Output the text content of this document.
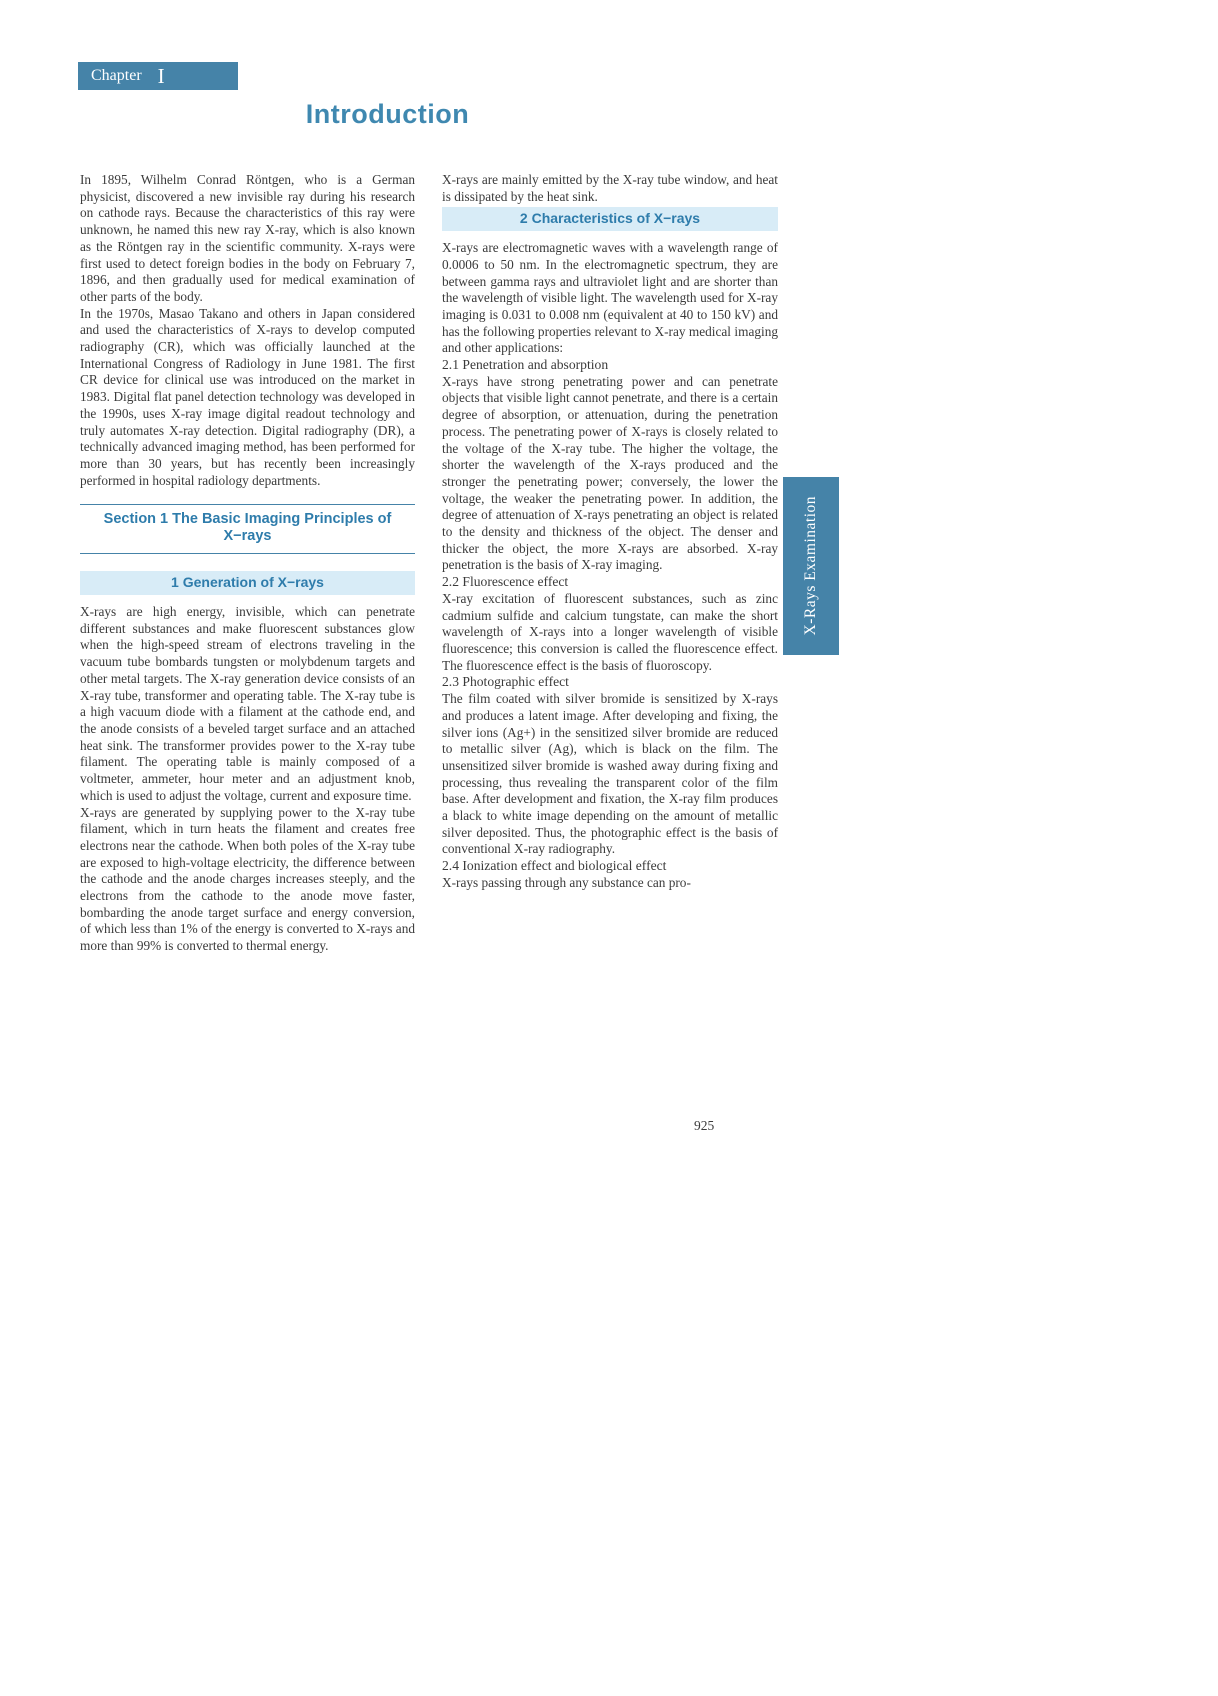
Chapter I
Introduction

In 1895, Wilhelm Conrad Röntgen, who is a German physicist, discovered a new invisible ray during his research on cathode rays. Because the characteristics of this ray were unknown, he named this new ray X-ray, which is also known as the Röntgen ray in the scientific community. X-rays were first used to detect foreign bodies in the body on February 7, 1896, and then gradually used for medical examination of other parts of the body.

In the 1970s, Masao Takano and others in Japan considered and used the characteristics of X-rays to develop computed radiography (CR), which was officially launched at the International Congress of Radiology in June 1981. The first CR device for clinical use was introduced on the market in 1983. Digital flat panel detection technology was developed in the 1990s, uses X-ray image digital readout technology and truly automates X-ray detection. Digital radiography (DR), a technically advanced imaging method, has been performed for more than 30 years, but has recently been increasingly performed in hospital radiology departments.

Section 1 The Basic Imaging Principles of X−rays
1 Generation of X−rays

X-rays are high energy, invisible, which can penetrate different substances and make fluorescent substances glow when the high-speed stream of electrons traveling in the vacuum tube bombards tungsten or molybdenum targets and other metal targets. The X-ray generation device consists of an X-ray tube, transformer and operating table. The X-ray tube is a high vacuum diode with a filament at the cathode end, and the anode consists of a beveled target surface and an attached heat sink. The transformer provides power to the X-ray tube filament. The operating table is mainly composed of a voltmeter, ammeter, hour meter and an adjustment knob, which is used to adjust the voltage, current and exposure time.

X-rays are generated by supplying power to the X-ray tube filament, which in turn heats the filament and creates free electrons near the cathode. When both poles of the X-ray tube are exposed to high-voltage electricity, the difference between the cathode and the anode charges increases steeply, and the electrons from the cathode to the anode move faster, bombarding the anode target surface and energy conversion, of which less than 1% of the energy is converted to X-rays and more than 99% is converted to thermal energy.

X-rays are mainly emitted by the X-ray tube window, and heat is dissipated by the heat sink.

2 Characteristics of X−rays

X-rays are electromagnetic waves with a wavelength range of 0.0006 to 50 nm. In the electromagnetic spectrum, they are between gamma rays and ultraviolet light and are shorter than the wavelength of visible light. The wavelength used for X-ray imaging is 0.031 to 0.008 nm (equivalent at 40 to 150 kV) and has the following properties relevant to X-ray medical imaging and other applications:

2.1 Penetration and absorption

X-rays have strong penetrating power and can penetrate objects that visible light cannot penetrate, and there is a certain degree of absorption, or attenuation, during the penetration process. The penetrating power of X-rays is closely related to the voltage of the X-ray tube. The higher the voltage, the shorter the wavelength of the X-rays produced and the stronger the penetrating power; conversely, the lower the voltage, the weaker the penetrating power. In addition, the degree of attenuation of X-rays penetrating an object is related to the density and thickness of the object. The denser and thicker the object, the more X-rays are absorbed. X-ray penetration is the basis of X-ray imaging.

2.2 Fluorescence effect

X-ray excitation of fluorescent substances, such as zinc cadmium sulfide and calcium tungstate, can make the short wavelength of X-rays into a longer wavelength of visible fluorescence; this conversion is called the fluorescence effect. The fluorescence effect is the basis of fluoroscopy.

2.3 Photographic effect

The film coated with silver bromide is sensitized by X-rays and produces a latent image. After developing and fixing, the silver ions (Ag+) in the sensitized silver bromide are reduced to metallic silver (Ag), which is black on the film. The unsensitized silver bromide is washed away during fixing and processing, thus revealing the transparent color of the film base. After development and fixation, the X-ray film produces a black to white image depending on the amount of metallic silver deposited. Thus, the photographic effect is the basis of conventional X-ray radiography.

2.4 Ionization effect and biological effect

X-rays passing through any substance can pro-

X-Rays Examination
925
